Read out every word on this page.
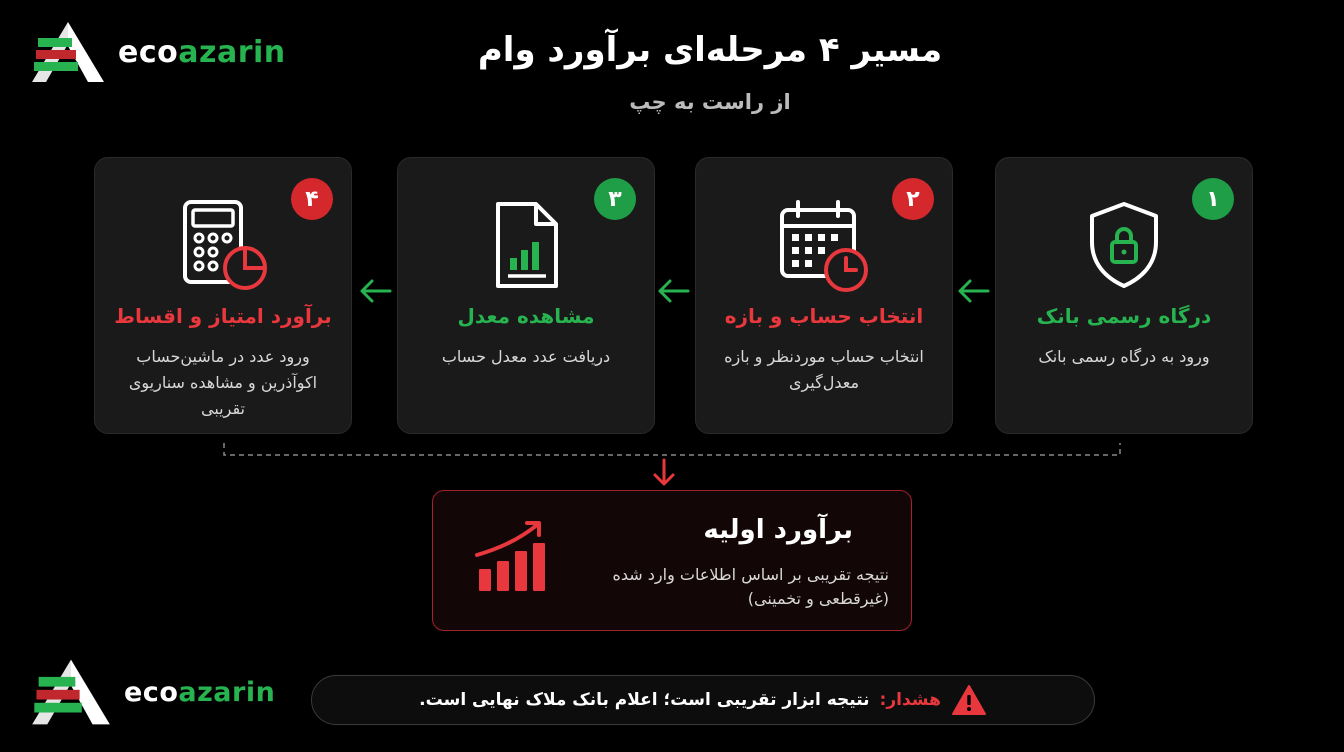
ecoazarin	مسیر ۴ مرحله‌ای برآورد وام
از راست به چپ
۴
برآورد امتیاز و اقساط
ورود عدد در ماشین‌حساب اکوآذرین و مشاهده سناریوی تقریبی
۳
مشاهده معدل
دریافت عدد معدل حساب
۲
انتخاب حساب و بازه
انتخاب حساب موردنظر و بازه معدل‌گیری
۱
درگاه رسمی بانک
ورود به درگاه رسمی بانک
برآورد اولیه
نتیجه تقریبی بر اساس اطلاعات وارد شده (غیرقطعی و تخمینی)
ecoazarin	هشدار:
نتیجه ابزار تقریبی است؛ اعلام بانک ملاک نهایی است.
